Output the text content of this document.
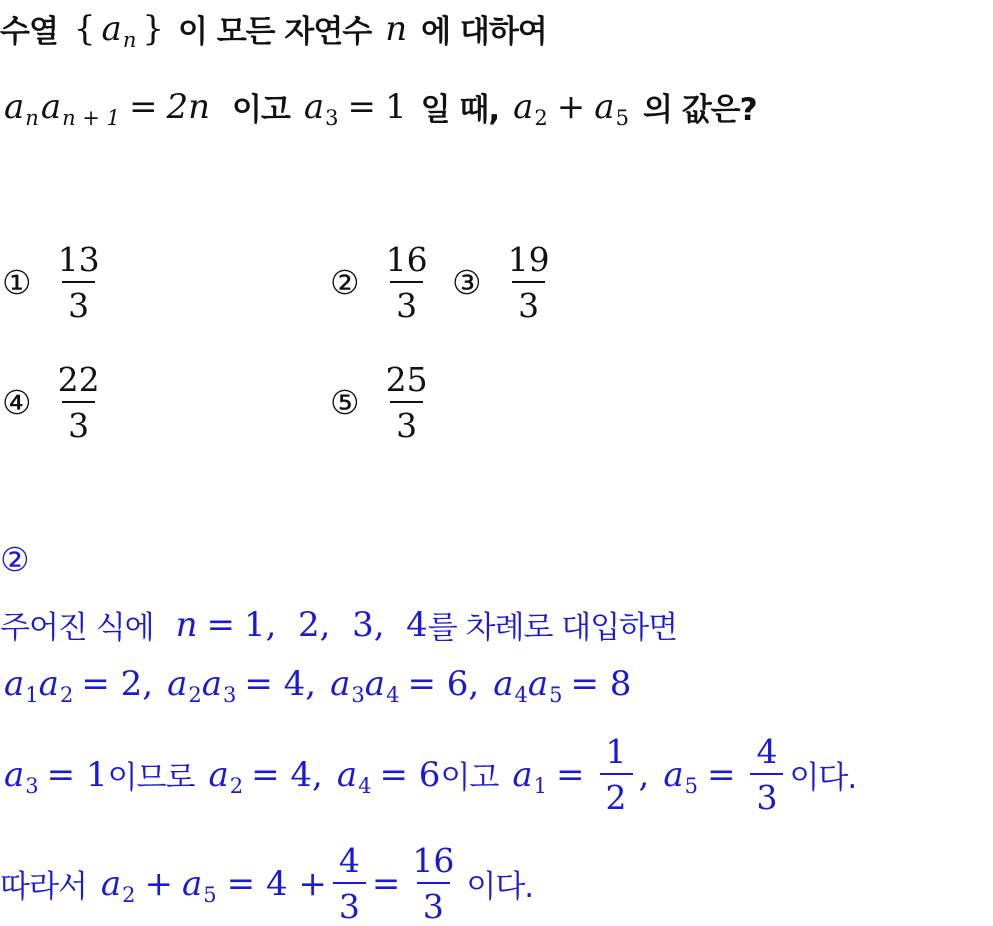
수열 { a n } 이 모든 자연수 n 에 대하여
a n a n + 1 = 2n 이고 a 3 = 1 일 때, a 2 + a 5 의 값은?
① $\frac{13}{3}$	② $\frac{16}{3}$ ③ $\frac{19}{3}$
④ $\frac{22}{3}$	⑤ $\frac{25}{3}$
②
주어진 식에 n = 1,  2,  3,  4 를 차례로 대입하면
a 1 a 2 = 2, a 2 a 3 = 4, a 3 a 4 = 6, a 4 a 5 = 8
a 3 = 1 이므로 a 2 = 4, a 4 = 6 이고 a $1 = \frac{1}{2}$ , a $5 = \frac{4}{3}$ 이다.
따라서 a 2 + a $5 = 4 + \frac{4}{3} = \frac{16}{3}$ 이다.
